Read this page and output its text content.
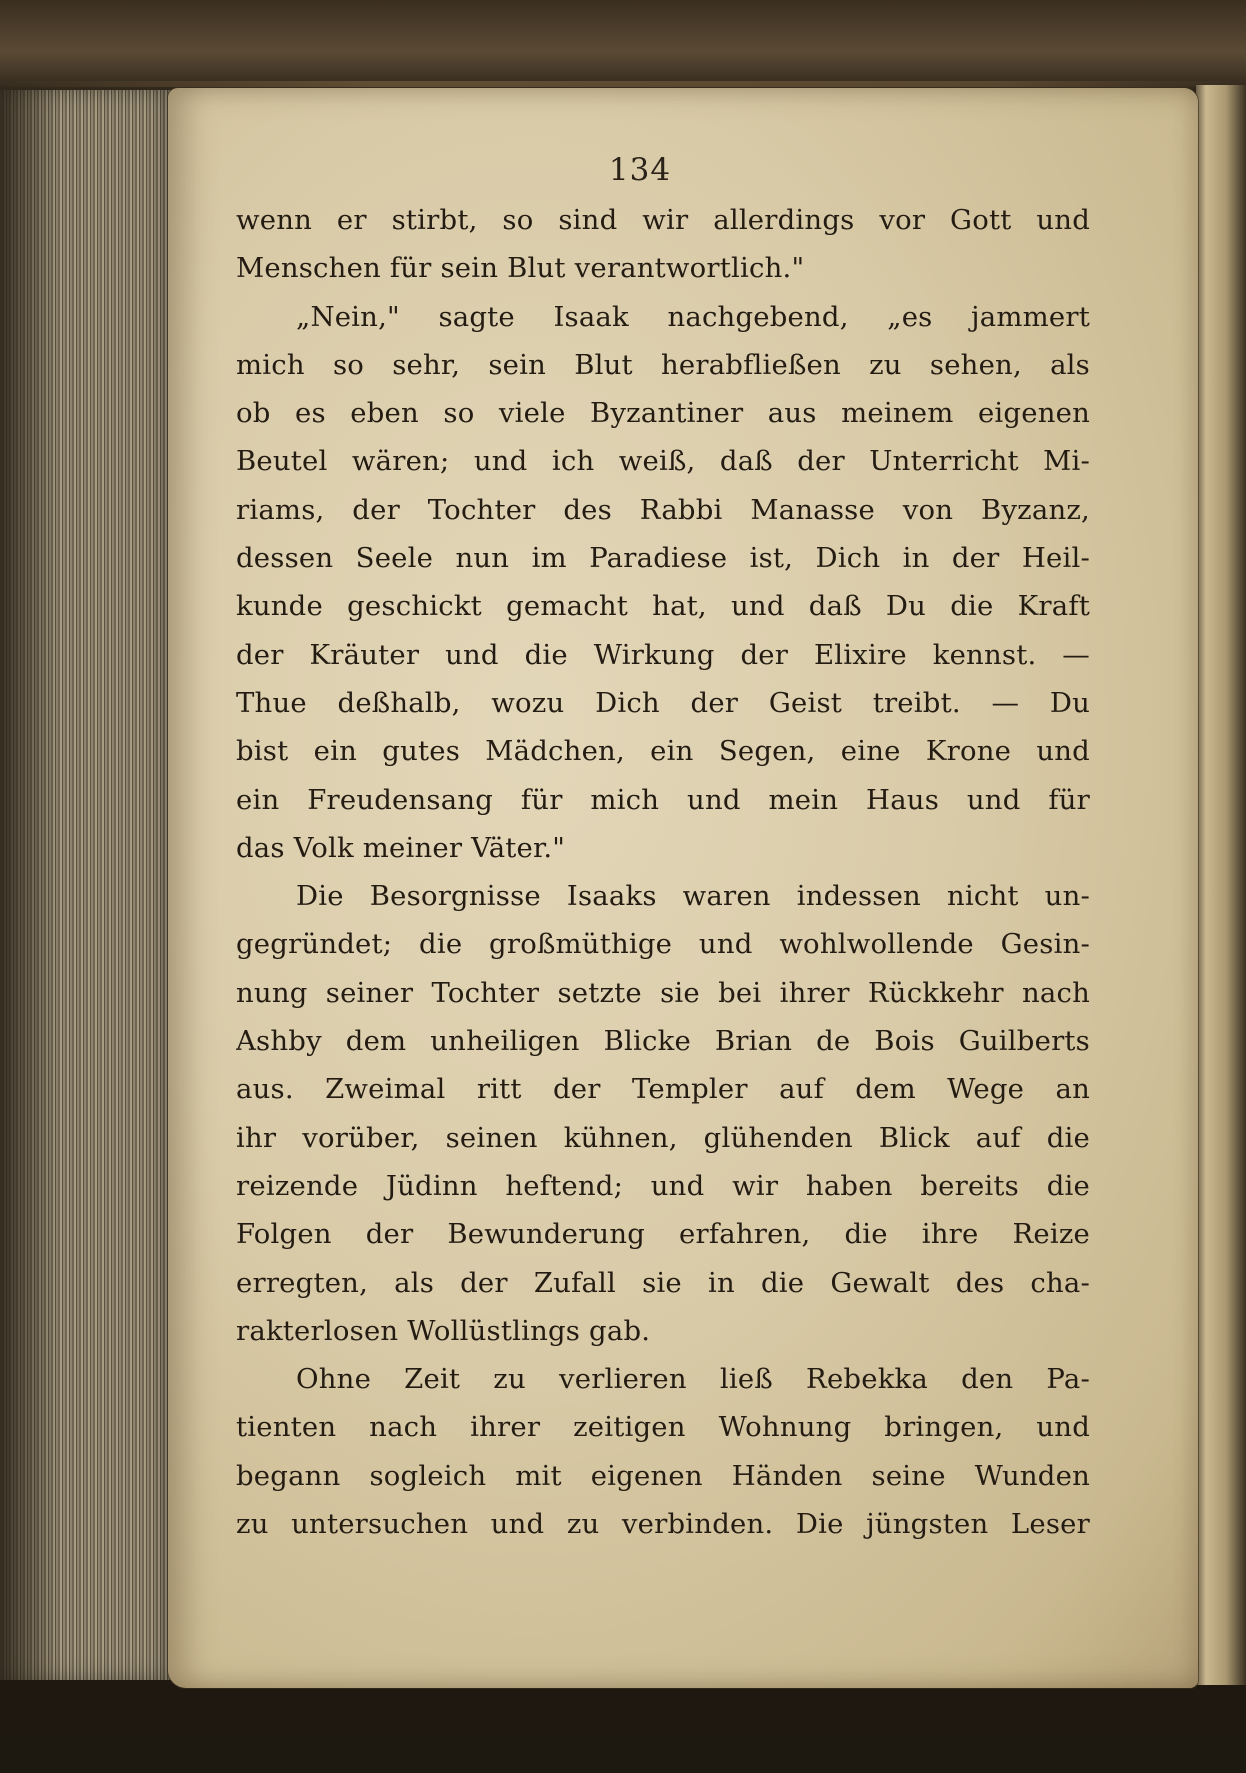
134
wenn er stirbt, so sind wir allerdings vor Gott und
Menschen für sein Blut verantwortlich."
„Nein," sagte Isaak nachgebend, „es jammert
mich so sehr, sein Blut herabfließen zu sehen, als
ob es eben so viele Byzantiner aus meinem eigenen
Beutel wären; und ich weiß, daß der Unterricht Mi-
riams, der Tochter des Rabbi Manasse von Byzanz,
dessen Seele nun im Paradiese ist, Dich in der Heil-
kunde geschickt gemacht hat, und daß Du die Kraft
der Kräuter und die Wirkung der Elixire kennst. —
Thue deßhalb, wozu Dich der Geist treibt. — Du
bist ein gutes Mädchen, ein Segen, eine Krone und
ein Freudensang für mich und mein Haus und für
das Volk meiner Väter."
Die Besorgnisse Isaaks waren indessen nicht un-
gegründet; die großmüthige und wohlwollende Gesin-
nung seiner Tochter setzte sie bei ihrer Rückkehr nach
Ashby dem unheiligen Blicke Brian de Bois Guilberts
aus. Zweimal ritt der Templer auf dem Wege an
ihr vorüber, seinen kühnen, glühenden Blick auf die
reizende Jüdinn heftend; und wir haben bereits die
Folgen der Bewunderung erfahren, die ihre Reize
erregten, als der Zufall sie in die Gewalt des cha-
rakterlosen Wollüstlings gab.
Ohne Zeit zu verlieren ließ Rebekka den Pa-
tienten nach ihrer zeitigen Wohnung bringen, und
begann sogleich mit eigenen Händen seine Wunden
zu untersuchen und zu verbinden. Die jüngsten Leser
